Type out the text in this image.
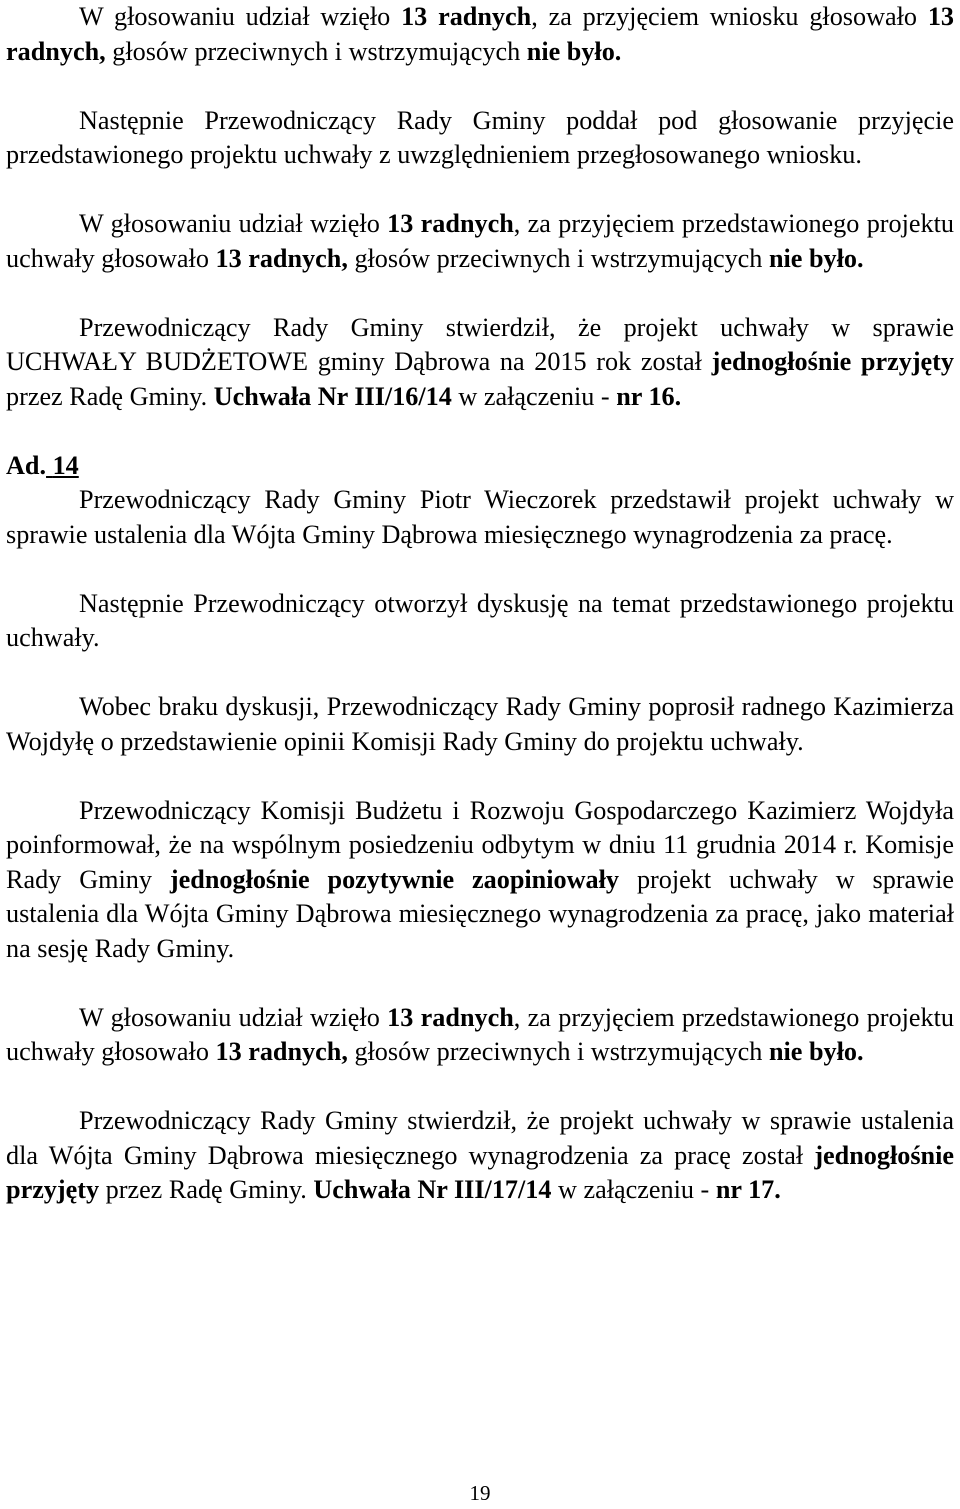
W głosowaniu udział wzięło 13 radnych, za przyjęciem wniosku głosowało 13 radnych, głosów przeciwnych i wstrzymujących nie było.

Następnie Przewodniczący Rady Gminy poddał pod głosowanie przyjęcie przedstawionego projektu uchwały z uwzględnieniem przegłosowanego wniosku.

W głosowaniu udział wzięło 13 radnych, za przyjęciem przedstawionego projektu uchwały głosowało 13 radnych, głosów przeciwnych i wstrzymujących nie było.

Przewodniczący Rady Gminy stwierdził, że projekt uchwały w sprawie UCHWAŁY BUDŻETOWE gminy Dąbrowa na 2015 rok został jednogłośnie przyjęty przez Radę Gminy. Uchwała Nr III/16/14 w załączeniu - nr 16.

Ad. 14

Przewodniczący Rady Gminy Piotr Wieczorek przedstawił projekt uchwały w sprawie ustalenia dla Wójta Gminy Dąbrowa miesięcznego wynagrodzenia za pracę.

Następnie Przewodniczący otworzył dyskusję na temat przedstawionego projektu uchwały.

Wobec braku dyskusji, Przewodniczący Rady Gminy poprosił radnego Kazimierza Wojdyłę o przedstawienie opinii Komisji Rady Gminy do projektu uchwały.

Przewodniczący Komisji Budżetu i Rozwoju Gospodarczego Kazimierz Wojdyła poinformował, że na wspólnym posiedzeniu odbytym w dniu 11 grudnia 2014 r. Komisje Rady Gminy jednogłośnie pozytywnie zaopiniowały projekt uchwały w sprawie ustalenia dla Wójta Gminy Dąbrowa miesięcznego wynagrodzenia za pracę, jako materiał na sesję Rady Gminy.

W głosowaniu udział wzięło 13 radnych, za przyjęciem przedstawionego projektu uchwały głosowało 13 radnych, głosów przeciwnych i wstrzymujących nie było.

Przewodniczący Rady Gminy stwierdził, że projekt uchwały w sprawie ustalenia dla Wójta Gminy Dąbrowa miesięcznego wynagrodzenia za pracę został jednogłośnie przyjęty przez Radę Gminy. Uchwała Nr III/17/14 w załączeniu - nr 17.

19
